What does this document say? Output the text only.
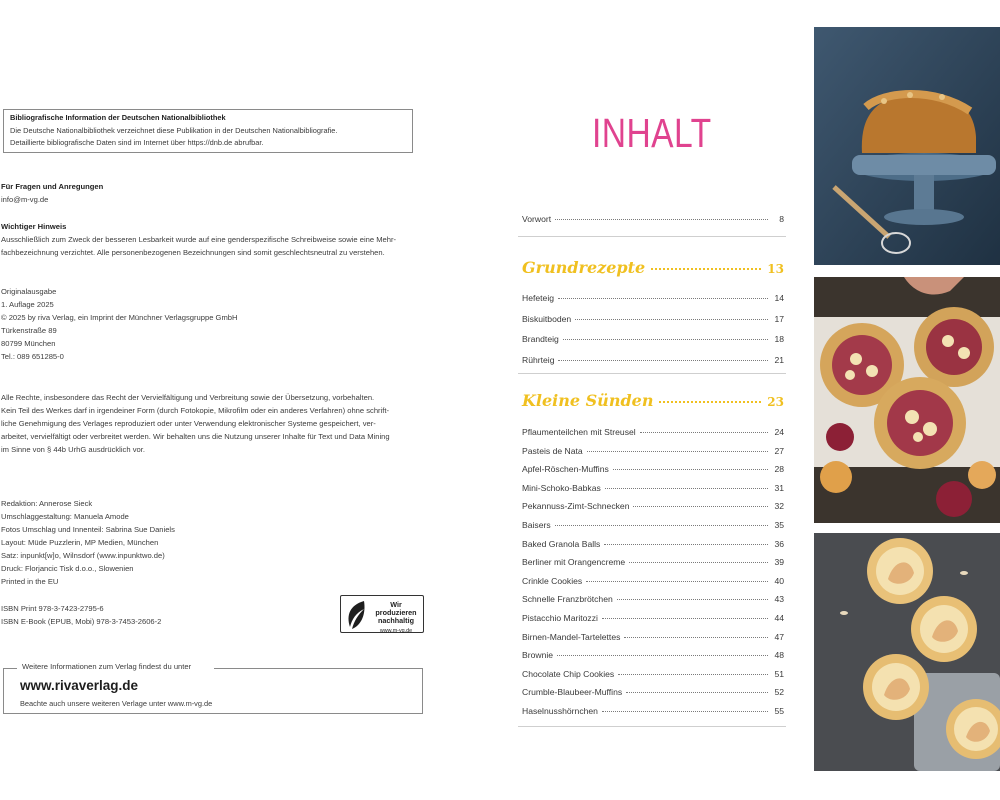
Bibliografische Information der Deutschen Nationalbibliothek
Die Deutsche Nationalbibliothek verzeichnet diese Publikation in der Deutschen Nationalbibliografie.
Detaillierte bibliografische Daten sind im Internet über https://dnb.de abrufbar.
Für Fragen und Anregungen
info@m-vg.de
Wichtiger Hinweis
Ausschließlich zum Zweck der besseren Lesbarkeit wurde auf eine genderspezifische Schreibweise sowie eine Mehr-
fachbezeichnung verzichtet. Alle personenbezogenen Bezeichnungen sind somit geschlechtsneutral zu verstehen.
Originalausgabe
1. Auflage 2025
© 2025 by riva Verlag, ein Imprint der Münchner Verlagsgruppe GmbH
Türkenstraße 89
80799 München
Tel.: 089 651285-0
Alle Rechte, insbesondere das Recht der Vervielfältigung und Verbreitung sowie der Übersetzung, vorbehalten.
Kein Teil des Werkes darf in irgendeiner Form (durch Fotokopie, Mikrofilm oder ein anderes Verfahren) ohne schrift-
liche Genehmigung des Verlages reproduziert oder unter Verwendung elektronischer Systeme gespeichert, ver-
arbeitet, vervielfältigt oder verbreitet werden. Wir behalten uns die Nutzung unserer Inhalte für Text und Data Mining
im Sinne von § 44b UrhG ausdrücklich vor.
Redaktion: Annerose Sieck
Umschlaggestaltung: Manuela Amode
Fotos Umschlag und Innenteil: Sabrina Sue Daniels
Layout: Müde Puzzlerin, MP Medien, München
Satz: inpunkt[w]o, Wilnsdorf (www.inpunktwo.de)
Druck: Florjancic Tisk d.o.o., Slowenien
Printed in the EU
ISBN Print 978-3-7423-2795-6
ISBN E-Book (EPUB, Mobi) 978-3-7453-2606-2
Wir produzieren
nachhaltig
www.m-vg.de
Weitere Informationen zum Verlag findest du unter
www.rivaverlag.de
Beachte auch unsere weiteren Verlage unter www.m-vg.de
INHALT
Vorwort	8
Grundrezepte	13
Hefeteig	14
Biskuitboden	17
Brandteig	18
Rührteig	21
Kleine Sünden	23
Pflaumenteilchen mit Streusel	24
Pasteis de Nata	27
Apfel-Röschen-Muffins	28
Mini-Schoko-Babkas	31
Pekannuss-Zimt-Schnecken	32
Baisers	35
Baked Granola Balls	36
Berliner mit Orangencreme	39
Crinkle Cookies	40
Schnelle Franzbrötchen	43
Pistacchio Maritozzi	44
Birnen-Mandel-Tartelettes	47
Brownie	48
Chocolate Chip Cookies	51
Crumble-Blaubeer-Muffins	52
Haselnusshörnchen	55
